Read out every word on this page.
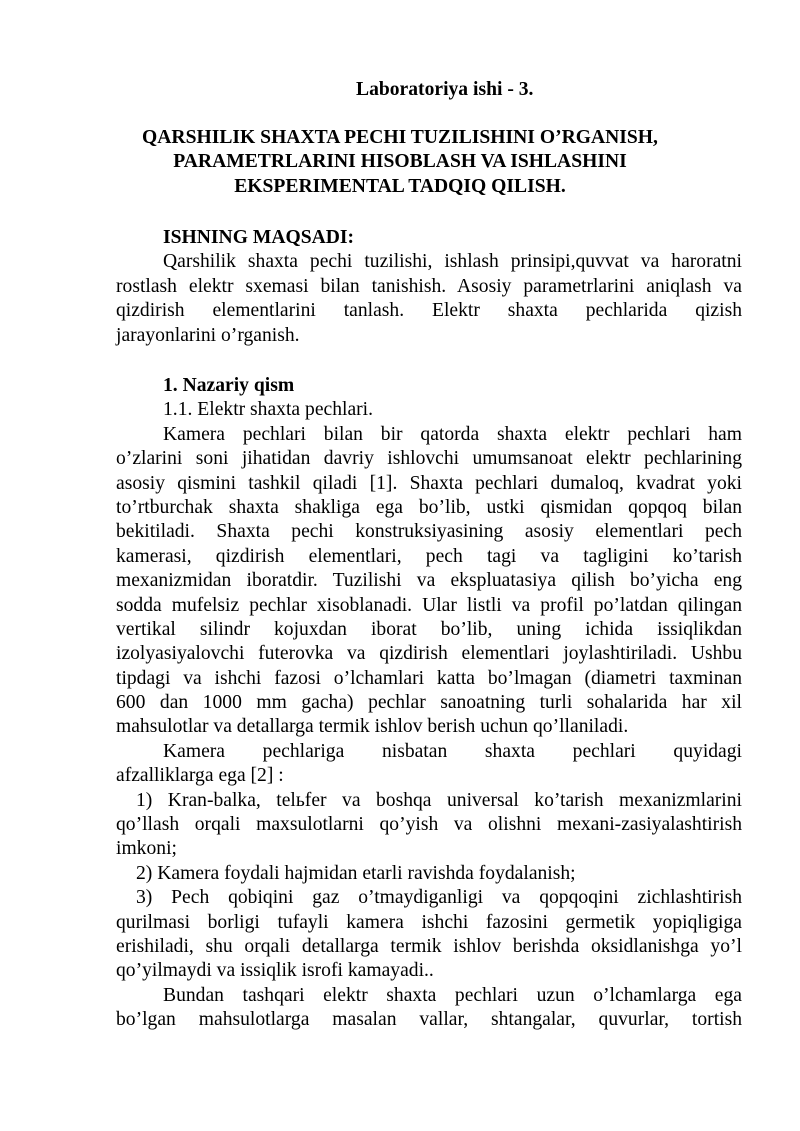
Laboratoriya ishi - 3.
QARSHILIK SHAXTA PECHI TUZILISHINI O’RGANISH,
PARAMETRLARINI HISOBLASH VA ISHLASHINI
EKSPERIMENTAL TADQIQ QILISH.
ISHNING MAQSADI:
Qarshilik shaxta pechi tuzilishi, ishlash prinsipi,quvvat va haroratni
rostlash elektr sxemasi bilan tanishish. Asosiy parametrlarini aniqlash va
qizdirish elementlarini tanlash. Elektr shaxta pechlarida qizish
jarayonlarini o’rganish.
1. Nazariy qism
1.1. Elektr shaxta pechlari.
Kamera pechlari bilan bir qatorda shaxta elektr pechlari ham
o’zlarini soni jihatidan davriy ishlovchi umumsanoat elektr pechlarining
asosiy qismini tashkil qiladi [1]. Shaxta pechlari dumaloq, kvadrat yoki
to’rtburchak shaxta shakliga ega bo’lib, ustki qismidan qopqoq bilan
bekitiladi. Shaxta pechi konstruksiyasining asosiy elementlari pech
kamerasi, qizdirish elementlari, pech tagi va tagligini ko’tarish
mexanizmidan iboratdir. Tuzilishi va ekspluatasiya qilish bo’yicha eng
sodda mufelsiz pechlar xisoblanadi. Ular listli va profil po’latdan qilingan
vertikal silindr kojuxdan iborat bo’lib, uning ichida issiqlikdan
izolyasiyalovchi futerovka va qizdirish elementlari joylashtiriladi. Ushbu
tipdagi va ishchi fazosi o’lchamlari katta bo’lmagan (diametri taxminan
600 dan 1000 mm gacha) pechlar sanoatning turli sohalarida har xil
mahsulotlar va detallarga termik ishlov berish uchun qo’llaniladi.
Kamera pechlariga nisbatan shaxta pechlari quyidagi
afzalliklarga ega [2] :
1) Kran-balka, telьfer va boshqa universal ko’tarish mexanizmlarini
qo’llash orqali maxsulotlarni qo’yish va olishni mexani-zasiyalashtirish
imkoni;
2) Kamera foydali hajmidan etarli ravishda foydalanish;
3) Pech qobiqini gaz o’tmaydiganligi va qopqoqini zichlashtirish
qurilmasi borligi tufayli kamera ishchi fazosini germetik yopiqligiga
erishiladi, shu orqali detallarga termik ishlov berishda oksidlanishga yo’l
qo’yilmaydi va issiqlik isrofi kamayadi..
Bundan tashqari elektr shaxta pechlari uzun o’lchamlarga ega
bo’lgan mahsulotlarga masalan vallar, shtangalar, quvurlar, tortish
